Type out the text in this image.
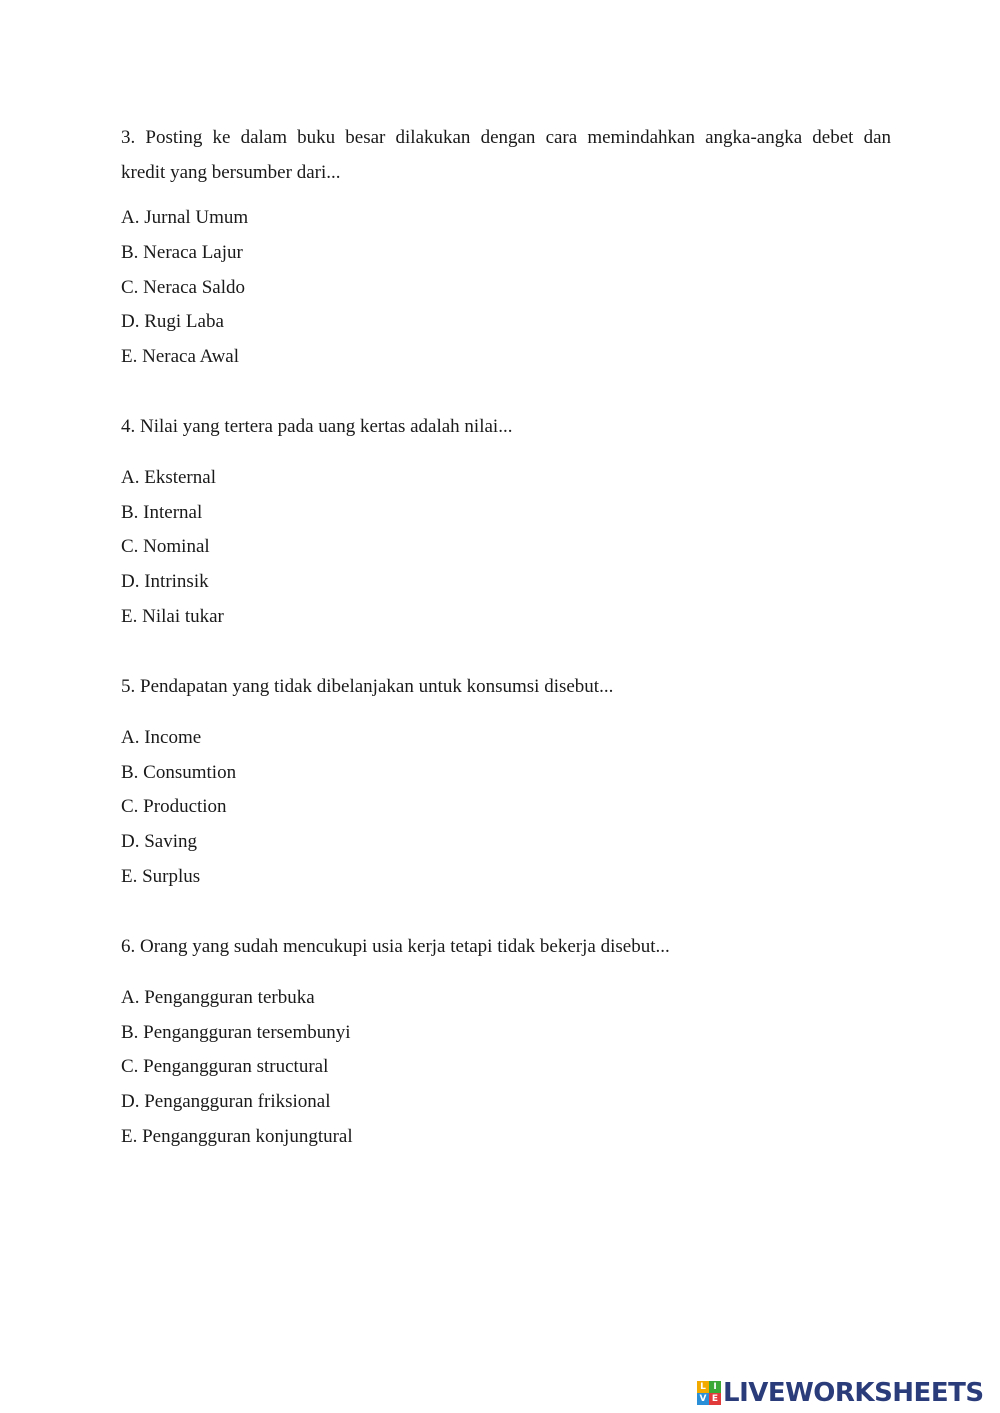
3. Posting ke dalam buku besar dilakukan dengan cara memindahkan angka-angka debet dan
kredit yang bersumber dari...
A. Jurnal Umum
B. Neraca Lajur
C. Neraca Saldo
D. Rugi Laba
E. Neraca Awal
4. Nilai yang tertera pada uang kertas adalah nilai...
A. Eksternal
B. Internal
C. Nominal
D. Intrinsik
E. Nilai tukar
5. Pendapatan yang tidak dibelanjakan untuk konsumsi disebut...
A. Income
B. Consumtion
C. Production
D. Saving
E. Surplus
6. Orang yang sudah mencukupi usia kerja tetapi tidak bekerja disebut...
A. Pengangguran terbuka
B. Pengangguran tersembunyi
C. Pengangguran structural
D. Pengangguran friksional
E. Pengangguran konjungtural
L I
V E LIVEWORKSHEETS
